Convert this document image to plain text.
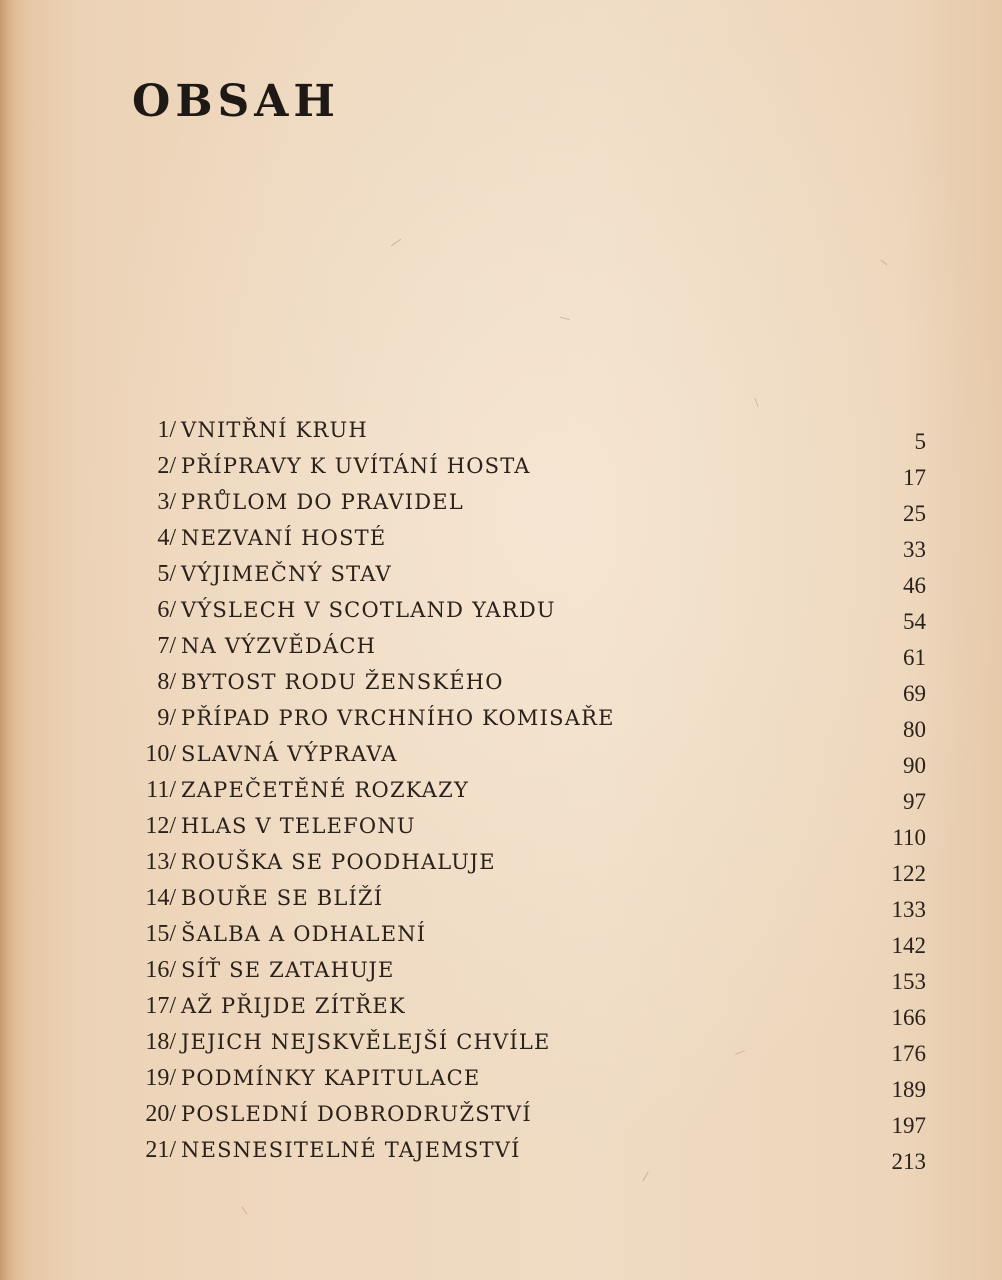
OBSAH
1/ VNITŘNÍ KRUH	5
2/ PŘÍPRAVY K UVÍTÁNÍ HOSTA	17
3/ PRŮLOM DO PRAVIDEL	25
4/ NEZVANÍ HOSTÉ	33
5/ VÝJIMEČNÝ STAV	46
6/ VÝSLECH V SCOTLAND YARDU	54
7/ NA VÝZVĚDÁCH	61
8/ BYTOST RODU ŽENSKÉHO	69
9/ PŘÍPAD PRO VRCHNÍHO KOMISAŘE	80
10/ SLAVNÁ VÝPRAVA	90
11/ ZAPEČETĚNÉ ROZKAZY	97
12/ HLAS V TELEFONU	110
13/ ROUŠKA SE POODHALUJE	122
14/ BOUŘE SE BLÍŽÍ	133
15/ ŠALBA A ODHALENÍ	142
16/ SÍŤ SE ZATAHUJE	153
17/ AŽ PŘIJDE ZÍTŘEK	166
18/ JEJICH NEJSKVĚLEJŠÍ CHVÍLE	176
19/ PODMÍNKY KAPITULACE	189
20/ POSLEDNÍ DOBRODRUŽSTVÍ	197
21/ NESNESITELNÉ TAJEMSTVÍ	213
